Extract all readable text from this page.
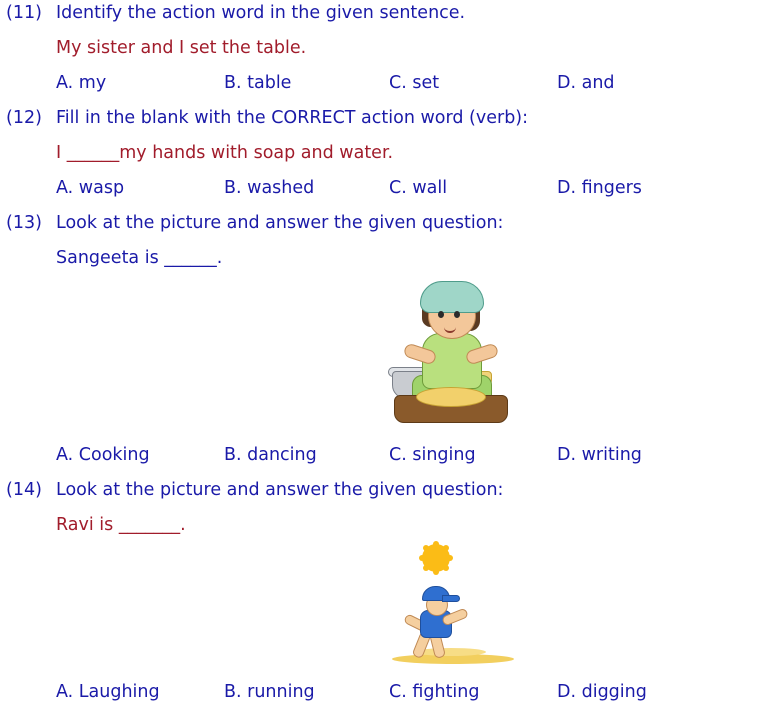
(11) Identify the action word in the given sentence.
My sister and I set the table.
A. my	B. table	C. set	D. and
(12) Fill in the blank with the CORRECT action word (verb):
I ______my hands with soap and water.
A. wasp	B. washed	C. wall	D. fingers
(13) Look at the picture and answer the given question:
Sangeeta is ______.
A. Cooking	B. dancing	C. singing	D. writing
(14) Look at the picture and answer the given question:
Ravi is _______.
A. Laughing	B. running	C. fighting	D. digging
